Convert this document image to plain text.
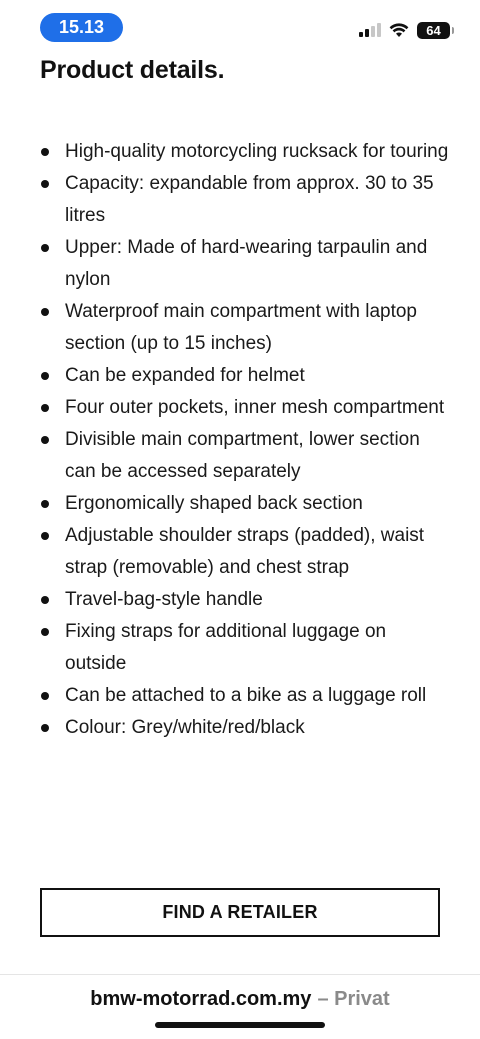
15.13	64
Product details.
High-quality motorcycling rucksack for touring
Capacity: expandable from approx. 30 to 35 litres
Upper: Made of hard-wearing tarpaulin and nylon
Waterproof main compartment with laptop section (up to 15 inches)
Can be expanded for helmet
Four outer pockets, inner mesh compartment
Divisible main compartment, lower section can be accessed separately
Ergonomically shaped back section
Adjustable shoulder straps (padded), waist strap (removable) and chest strap
Travel-bag-style handle
Fixing straps for additional luggage on outside
Can be attached to a bike as a luggage roll
Colour: Grey/white/red/black
FIND A RETAILER
bmw-motorrad.com.my – Privat
